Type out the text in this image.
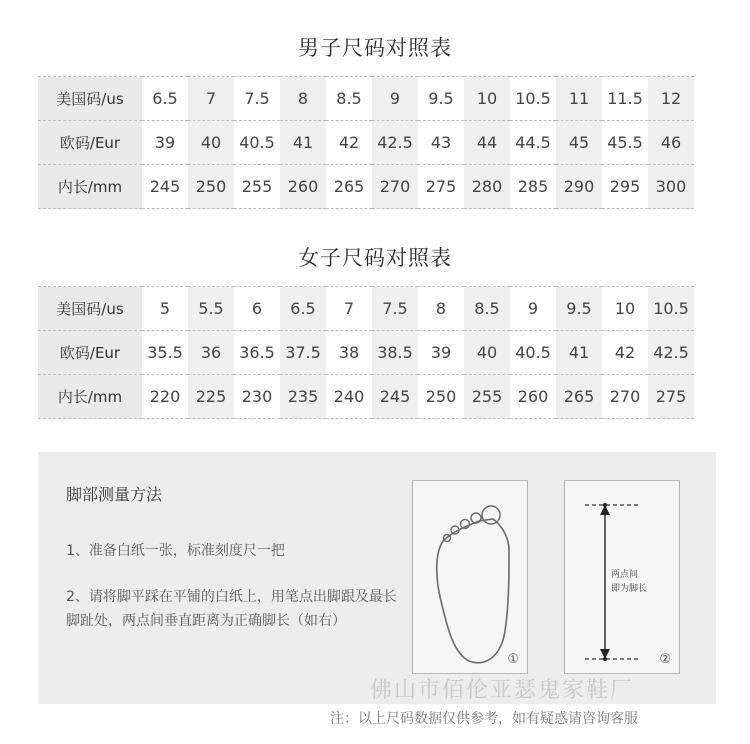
男子尺码对照表
美国码/us	6.5	7	7.5	8	8.5	9	9.5	10	10.5	11	11.5	12
欧码/Eur	39	40	40.5	41	42	42.5	43	44	44.5	45	45.5	46
内长/mm	245	250	255	260	265	270	275	280	285	290	295	300
女子尺码对照表
美国码/us	5	5.5	6	6.5	7	7.5	8	8.5	9	9.5	10	10.5
欧码/Eur	35.5	36	36.5	37.5	38	38.5	39	40	40.5	41	42	42.5
内长/mm	220	225	230	235	240	245	250	255	260	265	270	275
脚部测量方法
1、准备白纸一张，标准刻度尺一把
2、请将脚平踩在平铺的白纸上，用笔点出脚跟及最长脚趾处，两点间垂直距离为正确脚长（如右）
①
两点间
即为脚长
②
佛山市佰伦亚瑟鬼家鞋厂
注：以上尺码数据仅供参考，如有疑惑请咨询客服
